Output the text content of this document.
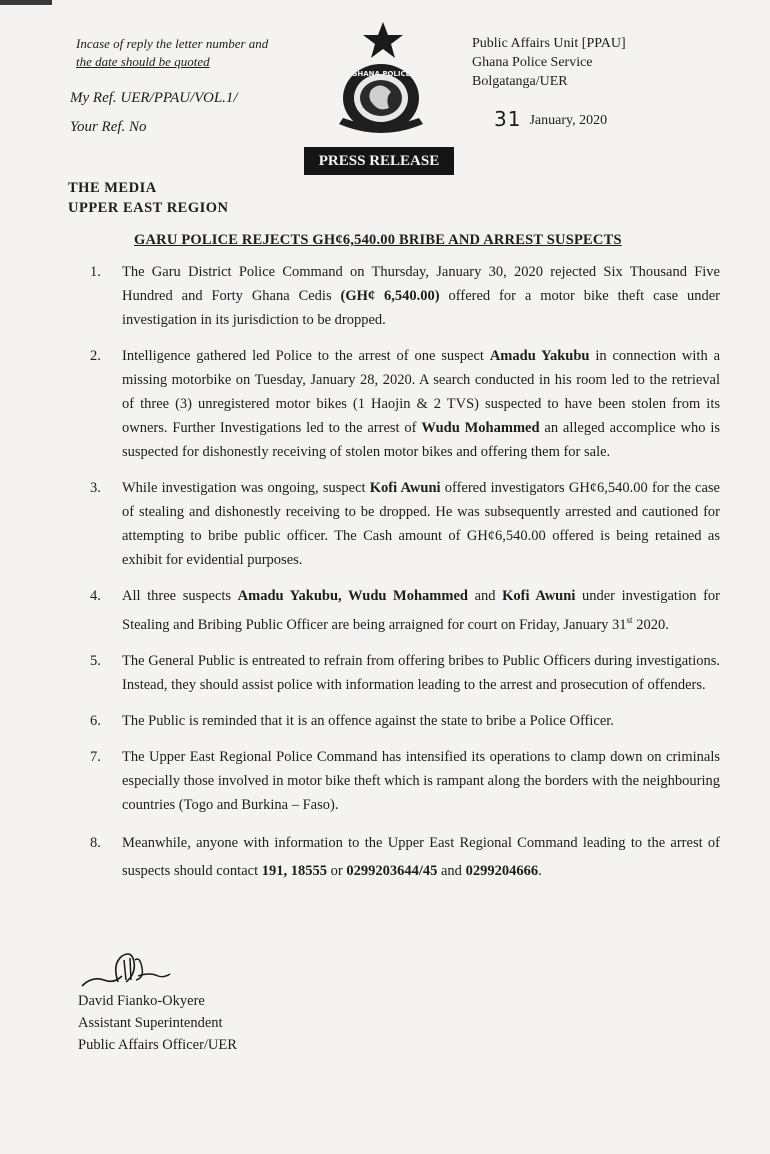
Incase of reply the letter number and
the date should be quoted
My Ref. UER/PPAU/VOL.1/
Your Ref. No
GHANA POLICE
Public Affairs Unit [PPAU]
Ghana Police Service
Bolgatanga/UER
31 January, 2020
PRESS RELEASE
THE MEDIA
UPPER EAST REGION
GARU POLICE REJECTS GH¢6,540.00 BRIBE AND ARREST SUSPECTS
1. The Garu District Police Command on Thursday, January 30, 2020 rejected Six Thousand Five Hundred and Forty Ghana Cedis (GH¢ 6,540.00) offered for a motor bike theft case under investigation in its jurisdiction to be dropped.
2. Intelligence gathered led Police to the arrest of one suspect Amadu Yakubu in connection with a missing motorbike on Tuesday, January 28, 2020. A search conducted in his room led to the retrieval of three (3) unregistered motor bikes (1 Haojin & 2 TVS) suspected to have been stolen from its owners. Further Investigations led to the arrest of Wudu Mohammed an alleged accomplice who is suspected for dishonestly receiving of stolen motor bikes and offering them for sale.
3. While investigation was ongoing, suspect Kofi Awuni offered investigators GH¢6,540.00 for the case of stealing and dishonestly receiving to be dropped. He was subsequently arrested and cautioned for attempting to bribe public officer. The Cash amount of GH¢6,540.00 offered is being retained as exhibit for evidential purposes.
4. All three suspects Amadu Yakubu, Wudu Mohammed and Kofi Awuni under investigation for Stealing and Bribing Public Officer are being arraigned for court on Friday, January 31st 2020.
5. The General Public is entreated to refrain from offering bribes to Public Officers during investigations. Instead, they should assist police with information leading to the arrest and prosecution of offenders.
6. The Public is reminded that it is an offence against the state to bribe a Police Officer.
7. The Upper East Regional Police Command has intensified its operations to clamp down on criminals especially those involved in motor bike theft which is rampant along the borders with the neighbouring countries (Togo and Burkina – Faso).
8. Meanwhile, anyone with information to the Upper East Regional Command leading to the arrest of suspects should contact 191, 18555 or 0299203644/45 and 0299204666.
David Fianko-Okyere
Assistant Superintendent
Public Affairs Officer/UER
